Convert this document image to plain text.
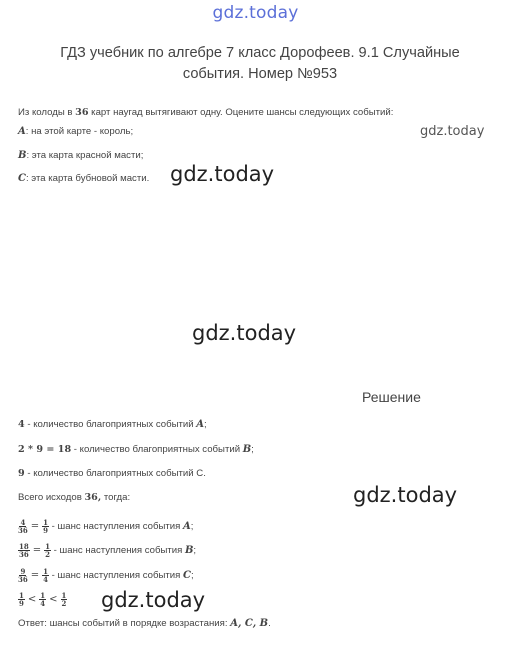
gdz.today
ГДЗ учебник по алгебре 7 класс Дорофеев. 9.1 Случайные события. Номер №953
Из колоды в 36 карт наугад вытягивают одну. Оцените шансы следующих событий:
A: на этой карте - король;
B: эта карта красной масти;
C: эта карта бубновой масти.
gdz.today
gdz.today
gdz.today
gdz.today
gdz.today
Решение
4 - количество благоприятных событий A;
2 * 9 = 18 - количество благоприятных событий B;
9 - количество благоприятных событий С.
Всего исходов 36, тогда:
$\frac{4}{36} = \frac{1}{9}$ - шанс наступления события A;
$\frac{18}{36} = \frac{1}{2}$ - шанс наступления события B;
$\frac{9}{36} = \frac{1}{4}$ - шанс наступления события C;
$\frac{1}{9} < \frac{1}{4} < \frac{1}{2}$
Ответ: шансы событий в порядке возрастания: A, C, B.
